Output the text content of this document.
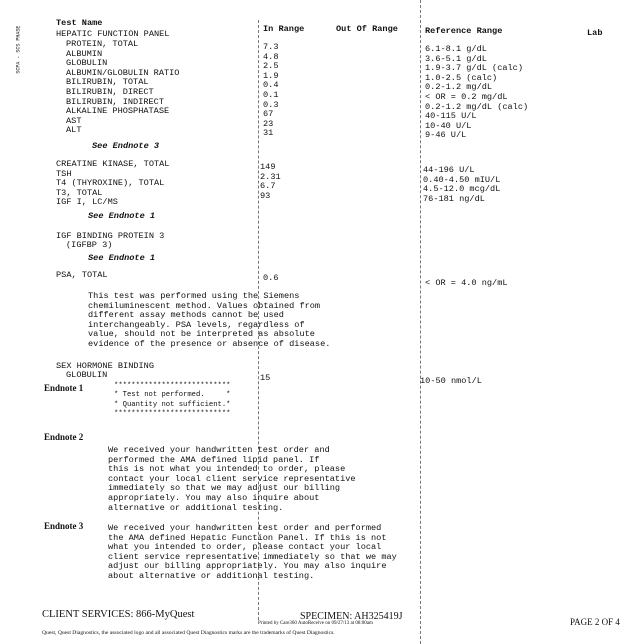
SCPA - SCS PHASE

Test Name
In Range	Out Of Range	Reference Range	Lab
HEPATIC FUNCTION PANEL
PROTEIN, TOTAL	7.3	6.1-8.1 g/dL
ALBUMIN	4.8	3.6-5.1 g/dL
GLOBULIN	2.5	1.9-3.7 g/dL (calc)
ALBUMIN/GLOBULIN RATIO	1.9	1.0-2.5 (calc)
BILIRUBIN, TOTAL	0.4	0.2-1.2 mg/dL
BILIRUBIN, DIRECT	0.1	< OR = 0.2 mg/dL
BILIRUBIN, INDIRECT	0.3	0.2-1.2 mg/dL (calc)
ALKALINE PHOSPHATASE	67	40-115 U/L
AST	23	10-40 U/L
ALT	31	9-46 U/L
See Endnote 3
CREATINE KINASE, TOTAL	149	44-196 U/L
TSH	2.31	0.40-4.50 mIU/L
T4 (THYROXINE), TOTAL	6.7	4.5-12.0 mcg/dL
T3, TOTAL	93	76-181 ng/dL
IGF I, LC/MS
See Endnote 1
IGF BINDING PROTEIN 3
(IGFBP 3)
See Endnote 1
PSA, TOTAL	0.6	< OR = 4.0 ng/mL
This test was performed using the Siemens
chemiluminescent method. Values obtained from
different assay methods cannot be used
interchangeably. PSA levels, regardless of
value, should not be interpreted as absolute
evidence of the presence or absence of disease.
SEX HORMONE BINDING
GLOBULIN	15	10-50 nmol/L
Endnote 1	***************************
* Test not performed.     *
* Quantity not sufficient.*
***************************
Endnote 2
We received your handwritten test order and
performed the AMA defined lipid panel. If
this is not what you intended to order, please
contact your local client service representative
immediately so that we may adjust our billing
appropriately. You may also inquire about
alternative or additional testing.
Endnote 3	We received your handwritten test order and performed
the AMA defined Hepatic Function Panel. If this is not
what you intended to order, please contact your local
client service representative immediately so that we may
adjust our billing appropriately. You may also inquire
about alternative or additional testing.
CLIENT SERVICES: 866-MyQuest	SPECIMEN: AH325419J
Printed by Care360 AutoReceive on 09/27/13 at 08:00am	PAGE 2 OF 4
Quest, Quest Diagnostics, the associated logo and all associated Quest Diagnostics marks are the trademarks of Quest Diagnostics.
